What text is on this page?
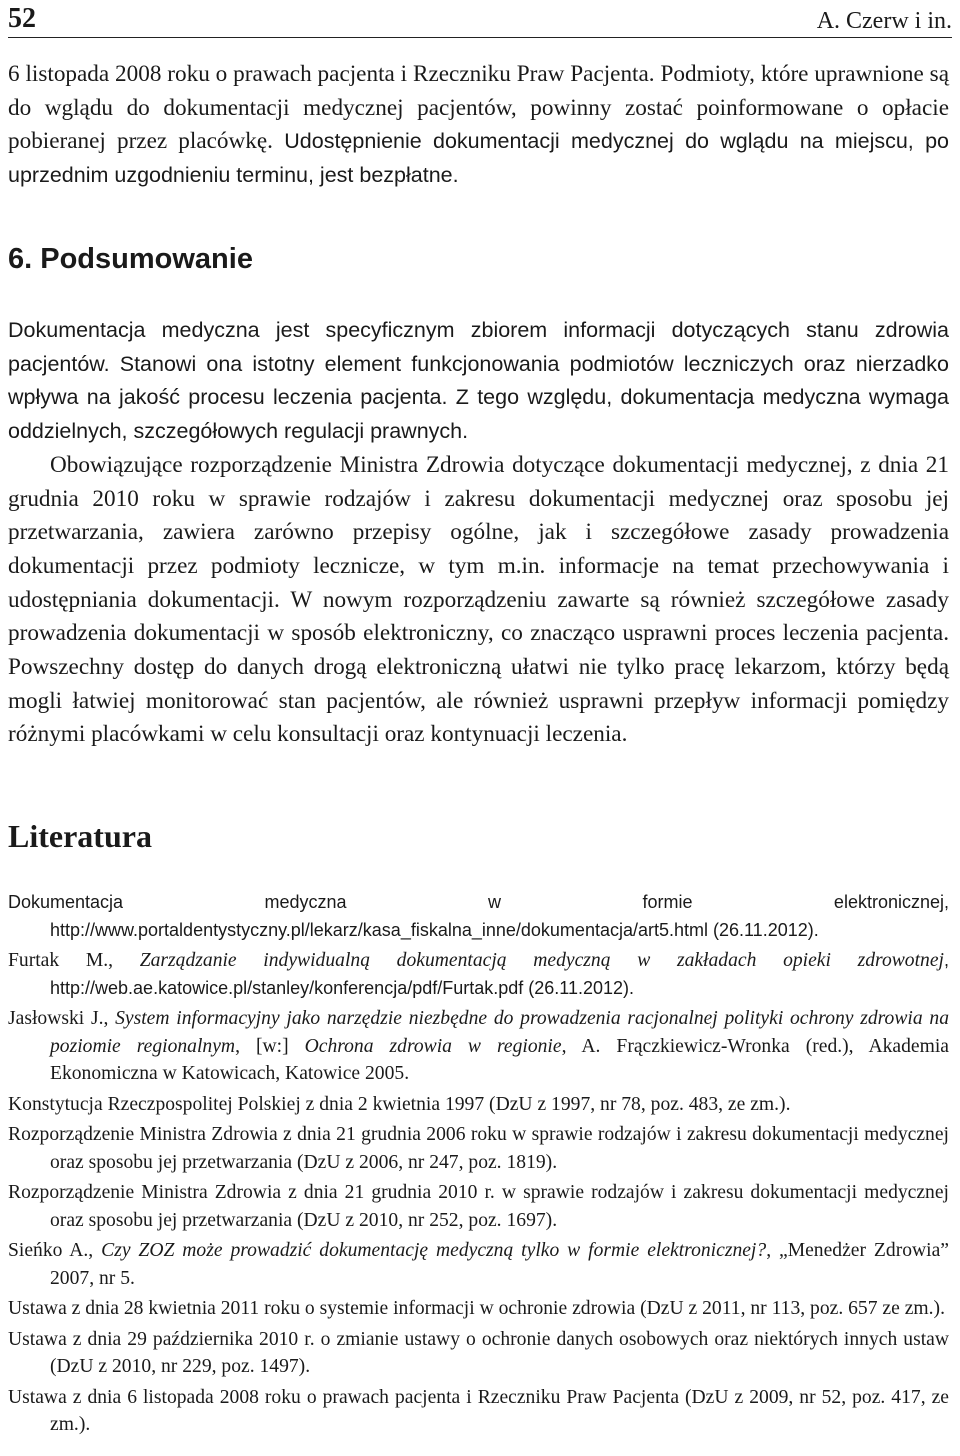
52	A. Czerw i in.

6 listopada 2008 roku o prawach pacjenta i Rzeczniku Praw Pacjenta. Podmioty, które uprawnione są do wglądu do dokumentacji medycznej pacjentów, powinny zostać poinformowane o opłacie pobieranej przez placówkę. Udostępnienie dokumentacji medycznej do wglądu na miejscu, po uprzednim uzgodnieniu terminu, jest bezpłatne.

6. Podsumowanie

Dokumentacja medyczna jest specyficznym zbiorem informacji dotyczących stanu zdrowia pacjentów. Stanowi ona istotny element funkcjonowania podmiotów leczniczych oraz nierzadko wpływa na jakość procesu leczenia pacjenta. Z tego względu, dokumentacja medyczna wymaga oddzielnych, szczegółowych regulacji prawnych.

Obowiązujące rozporządzenie Ministra Zdrowia dotyczące dokumentacji medycznej, z dnia 21 grudnia 2010 roku w sprawie rodzajów i zakresu dokumentacji medycznej oraz sposobu jej przetwarzania, zawiera zarówno przepisy ogólne, jak i szczegółowe zasady prowadzenia dokumentacji przez podmioty lecznicze, w tym m.in. informacje na temat przechowywania i udostępniania dokumentacji. W nowym rozporządzeniu zawarte są również szczegółowe zasady prowadzenia dokumentacji w sposób elektroniczny, co znacząco usprawni proces leczenia pacjenta. Powszechny dostęp do danych drogą elektroniczną ułatwi nie tylko pracę lekarzom, którzy będą mogli łatwiej monitorować stan pacjentów, ale również usprawni przepływ informacji pomiędzy różnymi placówkami w celu konsultacji oraz kontynuacji leczenia.

Literatura
Dokumentacja medyczna w formie elektronicznej, http://www.portaldentystyczny.pl/lekarz/kasa_fiskalna_inne/dokumentacja/art5.html (26.11.2012).
Furtak M., Zarządzanie indywidualną dokumentacją medyczną w zakładach opieki zdrowotnej, http://web.ae.katowice.pl/stanley/konferencja/pdf/Furtak.pdf (26.11.2012).
Jasłowski J., System informacyjny jako narzędzie niezbędne do prowadzenia racjonalnej polityki ochrony zdrowia na poziomie regionalnym, [w:] Ochrona zdrowia w regionie, A. Frączkiewicz-Wronka (red.), Akademia Ekonomiczna w Katowicach, Katowice 2005.
Konstytucja Rzeczpospolitej Polskiej z dnia 2 kwietnia 1997 (DzU z 1997, nr 78, poz. 483, ze zm.).
Rozporządzenie Ministra Zdrowia z dnia 21 grudnia 2006 roku w sprawie rodzajów i zakresu dokumentacji medycznej oraz sposobu jej przetwarzania (DzU z 2006, nr 247, poz. 1819).
Rozporządzenie Ministra Zdrowia z dnia 21 grudnia 2010 r. w sprawie rodzajów i zakresu dokumentacji medycznej oraz sposobu jej przetwarzania (DzU z 2010, nr 252, poz. 1697).
Sieńko A., Czy ZOZ może prowadzić dokumentację medyczną tylko w formie elektronicznej?, „Menedżer Zdrowia” 2007, nr 5.
Ustawa z dnia 28 kwietnia 2011 roku o systemie informacji w ochronie zdrowia (DzU z 2011, nr 113, poz. 657 ze zm.).
Ustawa z dnia 29 października 2010 r. o zmianie ustawy o ochronie danych osobowych oraz niektórych innych ustaw (DzU z 2010, nr 229, poz. 1497).
Ustawa z dnia 6 listopada 2008 roku o prawach pacjenta i Rzeczniku Praw Pacjenta (DzU z 2009, nr 52, poz. 417, ze zm.).
